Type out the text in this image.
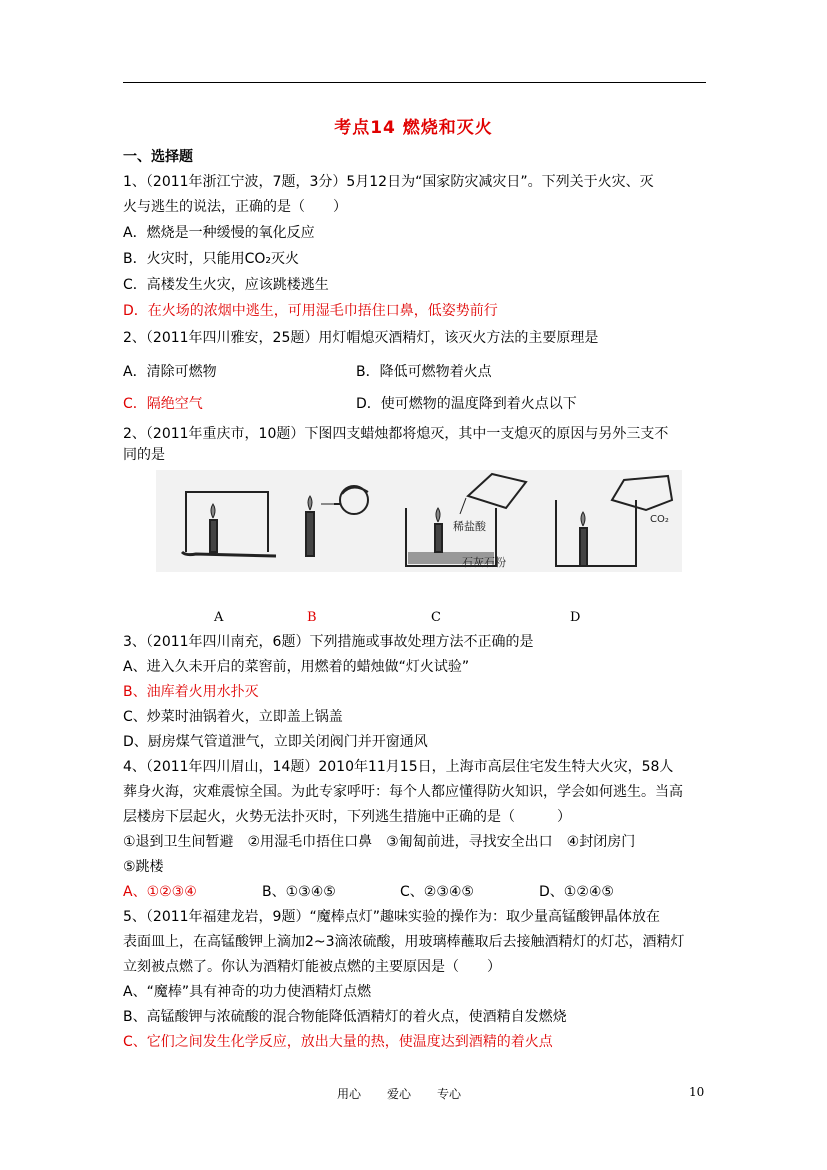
考点14 燃烧和灭火
一、选择题
1、（2011年浙江宁波，7题，3分）5月12日为“国家防灾减灾日”。下列关于火灾、灭
火与逃生的说法，正确的是（　　）
A．燃烧是一种缓慢的氧化反应
B．火灾时，只能用CO₂灭火
C．高楼发生火灾，应该跳楼逃生
D．在火场的浓烟中逃生，可用湿毛巾捂住口鼻，低姿势前行
2、（2011年四川雅安，25题）用灯帽熄灭酒精灯，该灭火方法的主要原理是
A．清除可燃物	B．降低可燃物着火点
C．隔绝空气	D．使可燃物的温度降到着火点以下
2、（2011年重庆市，10题）下图四支蜡烛都将熄灭，其中一支熄灭的原因与另外三支不
同的是
稀盐酸
石灰石粉
CO₂
A	B	C	D
3、（2011年四川南充，6题）下列措施或事故处理方法不正确的是
A、进入久未开启的菜窖前，用燃着的蜡烛做“灯火试验”
B、油库着火用水扑灭
C、炒菜时油锅着火，立即盖上锅盖
D、厨房煤气管道泄气，立即关闭阀门并开窗通风
4、（2011年四川眉山，14题）2010年11月15日，上海市高层住宅发生特大火灾，58人
葬身火海，灾难震惊全国。为此专家呼吁：每个人都应懂得防火知识，学会如何逃生。当高
层楼房下层起火，火势无法扑灭时，下列逃生措施中正确的是（　　　）
①退到卫生间暂避　②用湿毛巾捂住口鼻　③匍匐前进，寻找安全出口　④封闭房门
⑤跳楼
A、①②③④	B、①③④⑤	C、②③④⑤	D、①②④⑤
5、（2011年福建龙岩，9题）“魔棒点灯”趣味实验的操作为：取少量高锰酸钾晶体放在
表面皿上，在高锰酸钾上滴加2~3滴浓硫酸，用玻璃棒蘸取后去接触酒精灯的灯芯，酒精灯
立刻被点燃了。你认为酒精灯能被点燃的主要原因是（　　）
A、“魔棒”具有神奇的功力使酒精灯点燃
B、高锰酸钾与浓硫酸的混合物能降低酒精灯的着火点，使酒精自发燃烧
C、它们之间发生化学反应，放出大量的热，使温度达到酒精的着火点
用心 爱心 专心	10
